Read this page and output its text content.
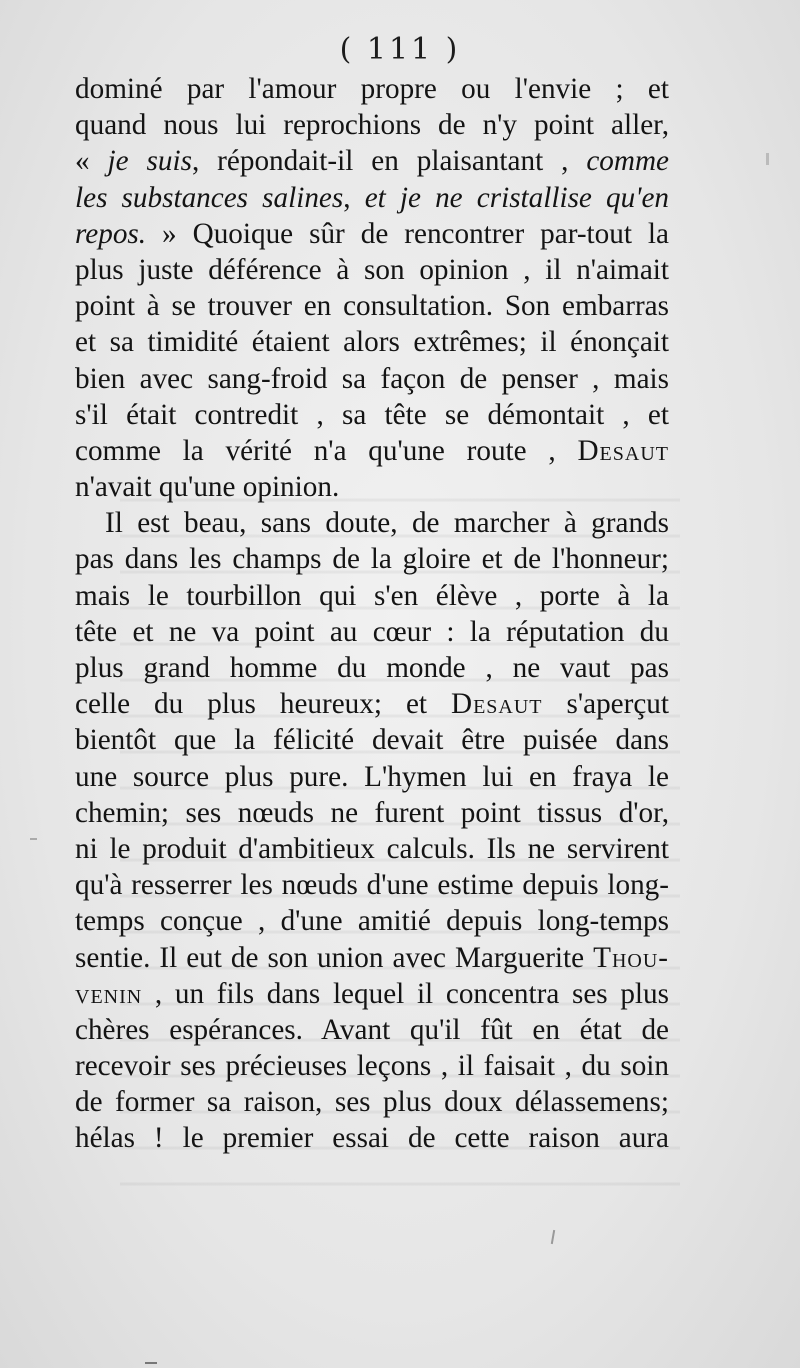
( 111 )

dominé par l'amour propre ou l'envie ; et
quand nous lui reprochions de n'y point aller,
« je suis, répondait-il en plaisantant , comme
les substances salines, et je ne cristallise qu'en
repos. » Quoique sûr de rencontrer par-tout la
plus juste déférence à son opinion , il n'aimait
point à se trouver en consultation. Son embarras
et sa timidité étaient alors extrêmes; il énonçait
bien avec sang-froid sa façon de penser , mais
s'il était contredit , sa tête se démontait , et
comme la vérité n'a qu'une route , Desaut
n'avait qu'une opinion.
Il est beau, sans doute, de marcher à grands
pas dans les champs de la gloire et de l'honneur;
mais le tourbillon qui s'en élève , porte à la
tête et ne va point au cœur : la réputation du
plus grand homme du monde , ne vaut pas
celle du plus heureux; et Desaut s'aperçut
bientôt que la félicité devait être puisée dans
une source plus pure. L'hymen lui en fraya le
chemin; ses nœuds ne furent point tissus d'or,
ni le produit d'ambitieux calculs. Ils ne servirent
qu'à resserrer les nœuds d'une estime depuis long-
temps conçue , d'une amitié depuis long-temps
sentie. Il eut de son union avec Marguerite Thou-
venin , un fils dans lequel il concentra ses plus
chères espérances. Avant qu'il fût en état de
recevoir ses précieuses leçons , il faisait , du soin
de former sa raison, ses plus doux délassemens;
hélas ! le premier essai de cette raison aura
